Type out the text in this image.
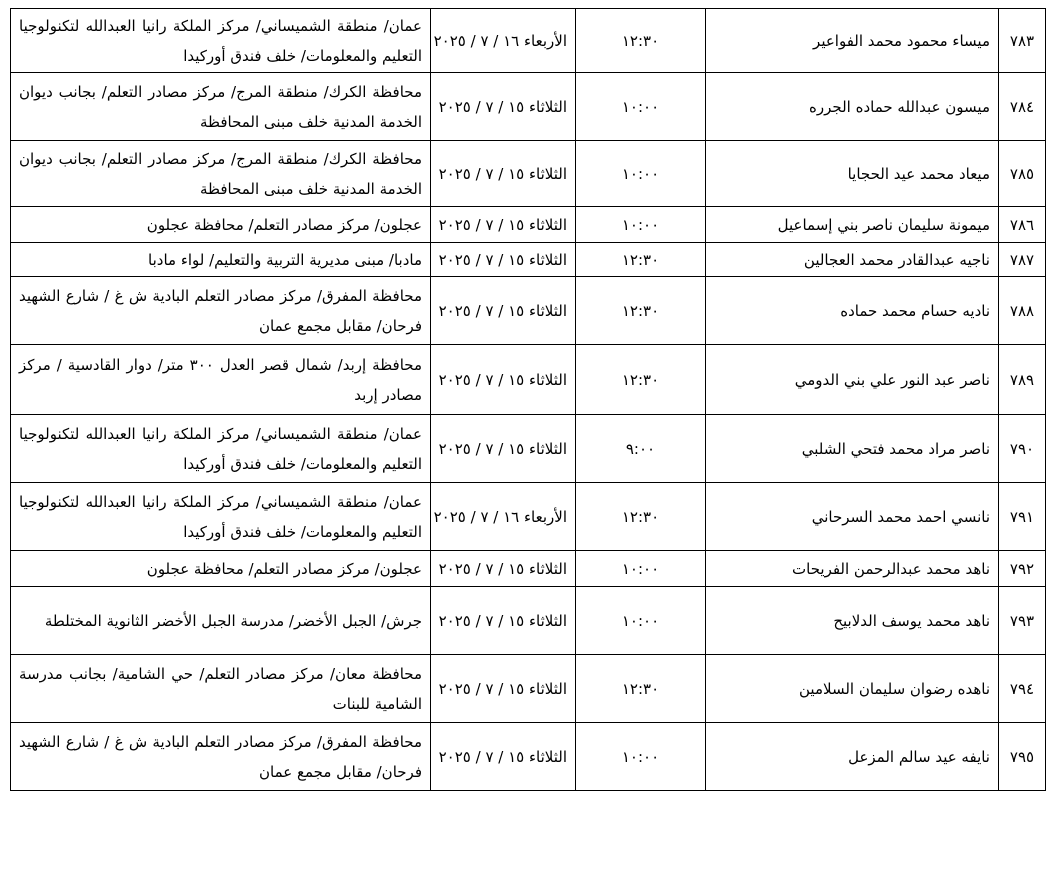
٧٨٣	ميساء محمود محمد الفواعير	١٢:٣٠	الأربعاء ١٦ / ٧ / ٢٠٢٥	عمان/ منطقة الشميساني/ مركز الملكة رانيا العبدالله لتكنولوجيا التعليم والمعلومات/ خلف فندق أوركيدا
٧٨٤	ميسون عبدالله حماده الجرره	١٠:٠٠	الثلاثاء ١٥ / ٧ / ٢٠٢٥	محافظة الكرك/ منطقة المرج/ مركز مصادر التعلم/ بجانب ديوان الخدمة المدنية خلف مبنى المحافظة
٧٨٥	ميعاد محمد عيد الحجايا	١٠:٠٠	الثلاثاء ١٥ / ٧ / ٢٠٢٥	محافظة الكرك/ منطقة المرج/ مركز مصادر التعلم/ بجانب ديوان الخدمة المدنية خلف مبنى المحافظة
٧٨٦	ميمونة سليمان ناصر بني إسماعيل	١٠:٠٠	الثلاثاء ١٥ / ٧ / ٢٠٢٥	عجلون/ مركز مصادر التعلم/ محافظة عجلون
٧٨٧	ناجيه عبدالقادر محمد العجالين	١٢:٣٠	الثلاثاء ١٥ / ٧ / ٢٠٢٥	مادبا/ مبنى مديرية التربية والتعليم/ لواء مادبا
٧٨٨	ناديه حسام محمد حماده	١٢:٣٠	الثلاثاء ١٥ / ٧ / ٢٠٢٥	محافظة المفرق/ مركز مصادر التعلم البادية ش غ / شارع الشهيد فرحان/ مقابل مجمع عمان
٧٨٩	ناصر عبد النور علي بني الدومي	١٢:٣٠	الثلاثاء ١٥ / ٧ / ٢٠٢٥	محافظة إربد/ شمال قصر العدل ٣٠٠ متر/ دوار القادسية / مركز مصادر إربد
٧٩٠	ناصر مراد محمد فتحي الشلبي	٩:٠٠	الثلاثاء ١٥ / ٧ / ٢٠٢٥	عمان/ منطقة الشميساني/ مركز الملكة رانيا العبدالله لتكنولوجيا التعليم والمعلومات/ خلف فندق أوركيدا
٧٩١	نانسي احمد محمد السرحاني	١٢:٣٠	الأربعاء ١٦ / ٧ / ٢٠٢٥	عمان/ منطقة الشميساني/ مركز الملكة رانيا العبدالله لتكنولوجيا التعليم والمعلومات/ خلف فندق أوركيدا
٧٩٢	ناهد محمد عبدالرحمن الفريحات	١٠:٠٠	الثلاثاء ١٥ / ٧ / ٢٠٢٥	عجلون/ مركز مصادر التعلم/ محافظة عجلون
٧٩٣	ناهد محمد يوسف الدلابيح	١٠:٠٠	الثلاثاء ١٥ / ٧ / ٢٠٢٥	جرش/ الجبل الأخضر/ مدرسة الجبل الأخضر الثانوية المختلطة
٧٩٤	ناهده رضوان سليمان السلامين	١٢:٣٠	الثلاثاء ١٥ / ٧ / ٢٠٢٥	محافظة معان/ مركز مصادر التعلم/ حي الشامية/ بجانب مدرسة الشامية للبنات
٧٩٥	نايفه عيد سالم المزعل	١٠:٠٠	الثلاثاء ١٥ / ٧ / ٢٠٢٥	محافظة المفرق/ مركز مصادر التعلم البادية ش غ / شارع الشهيد فرحان/ مقابل مجمع عمان
